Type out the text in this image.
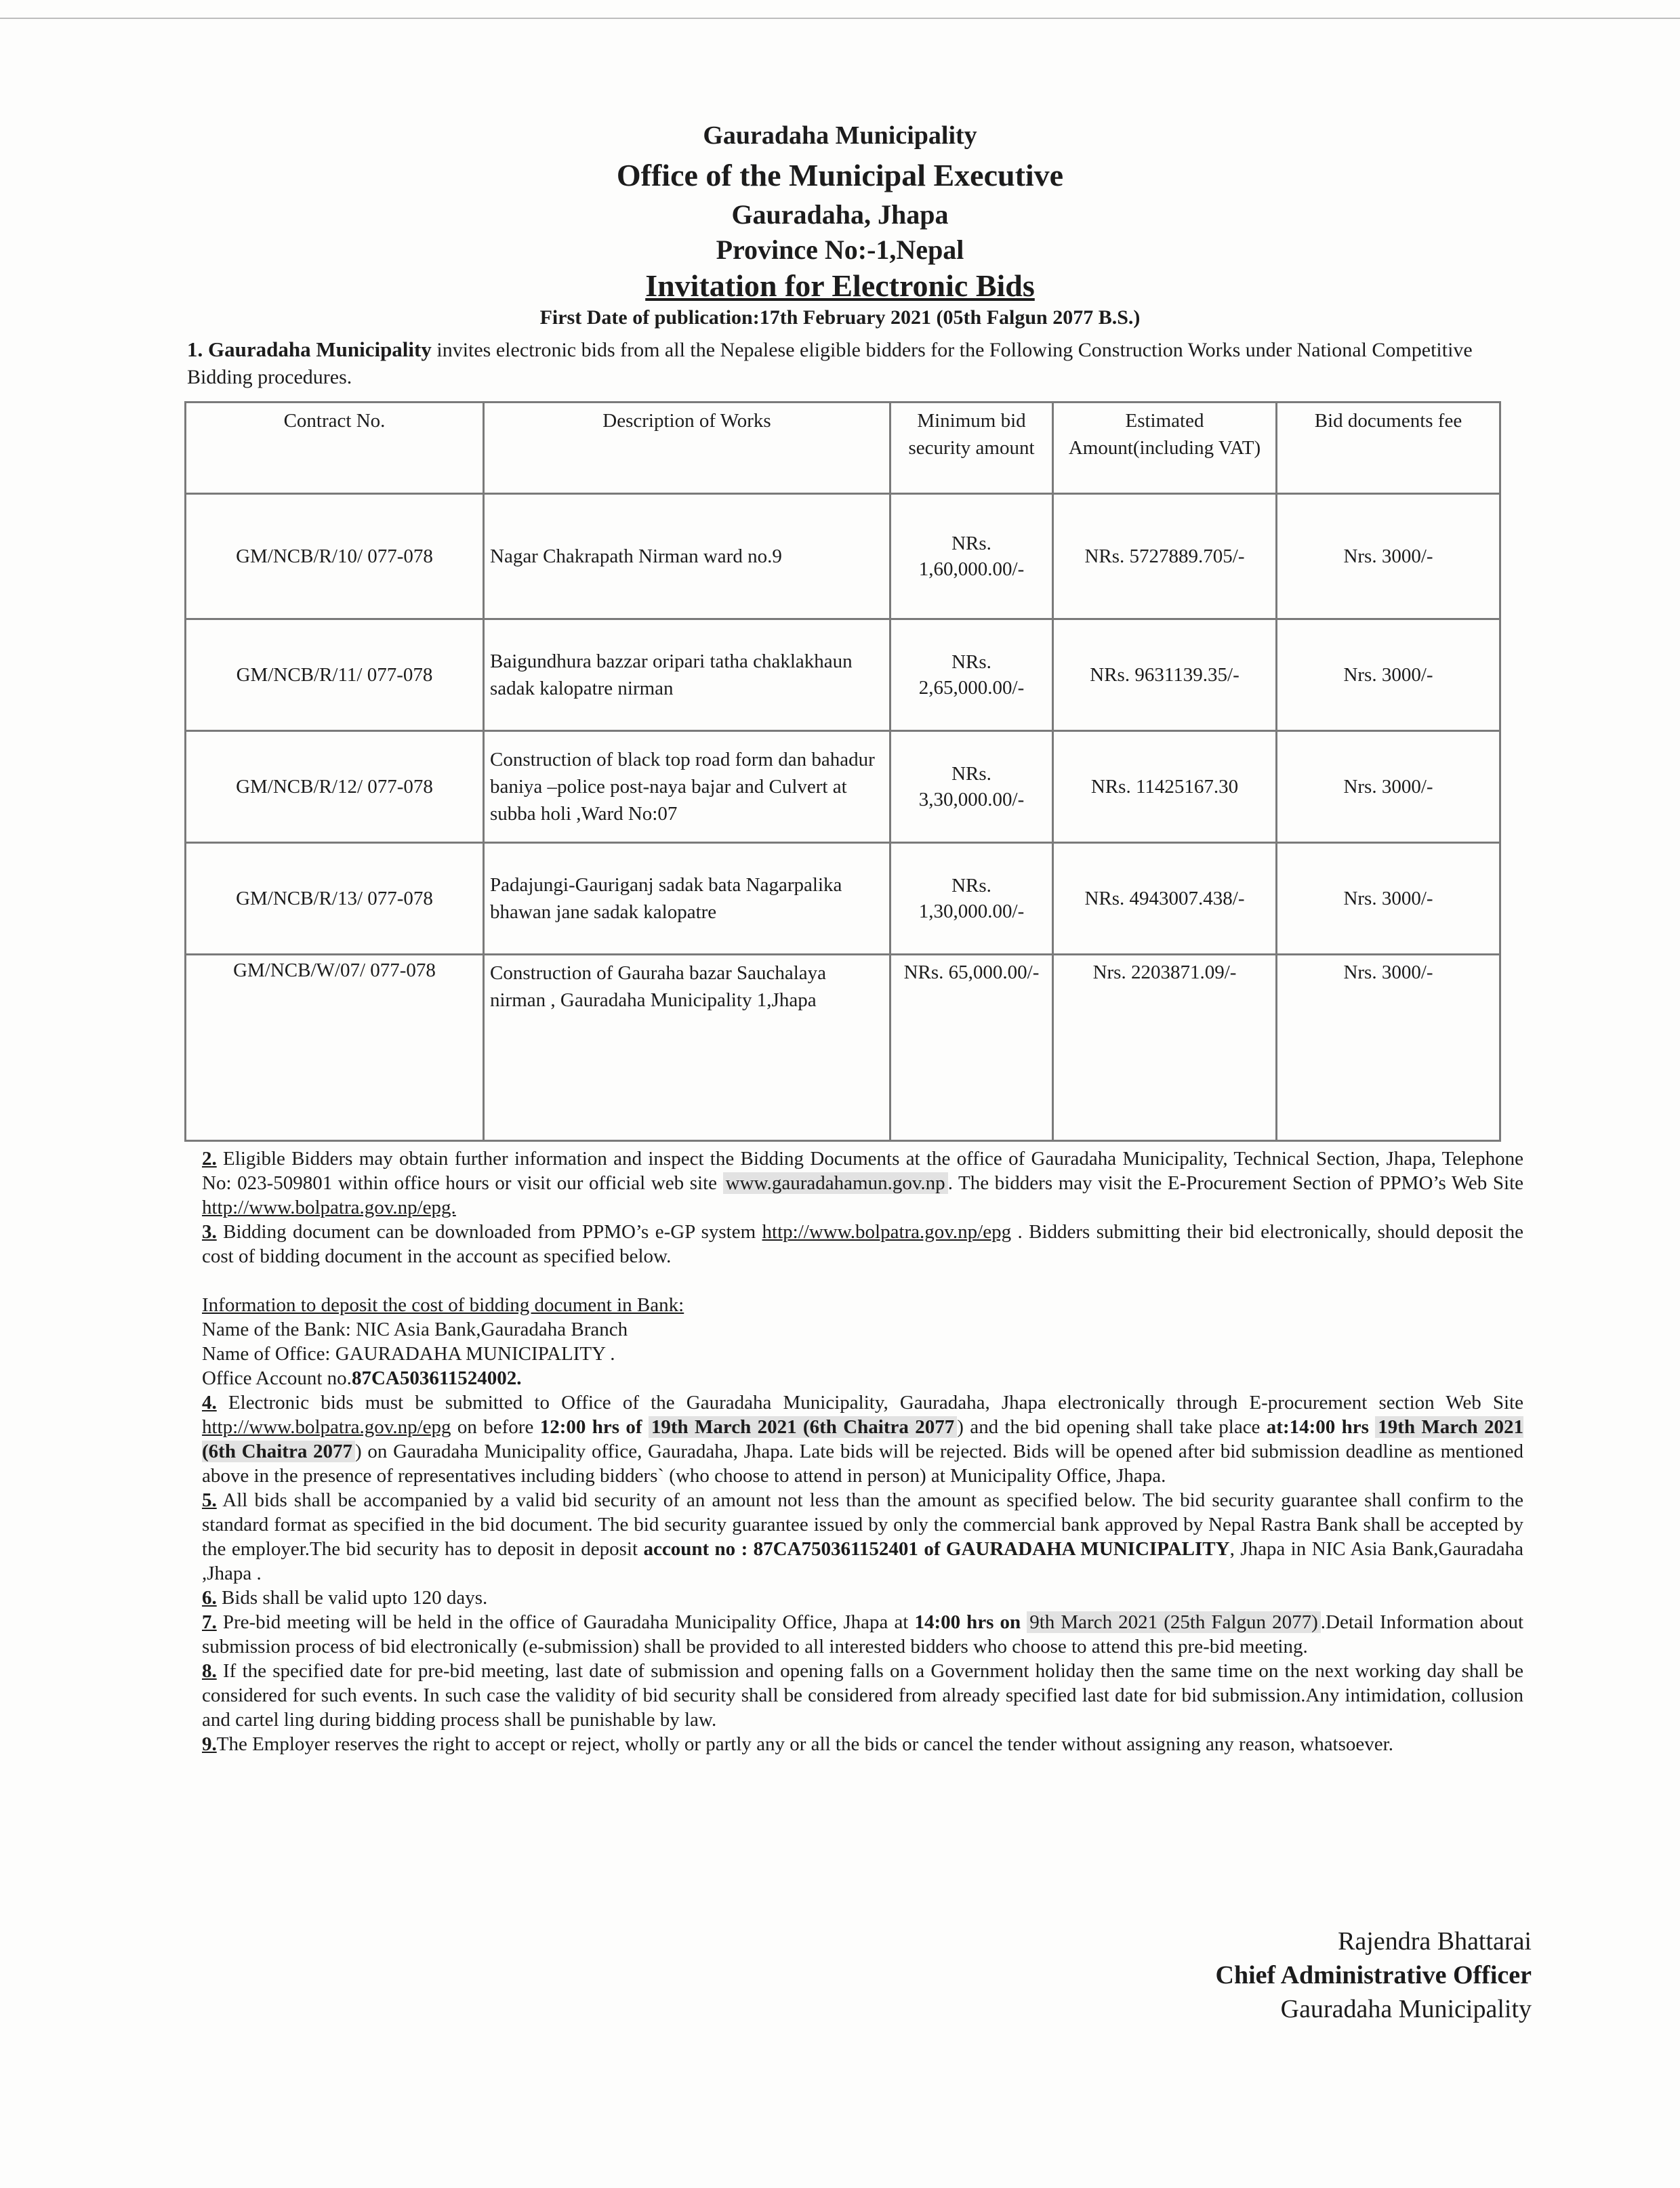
Gauradaha Municipality
Office of the Municipal Executive
Gauradaha, Jhapa
Province No:-1,Nepal
Invitation for Electronic Bids
First Date of publication:17th February 2021 (05th Falgun 2077 B.S.)
1. Gauradaha Municipality invites electronic bids from all the Nepalese eligible bidders for the Following Construction Works under National Competitive Bidding procedures.
Contract No.	Description of Works	Minimum bid security amount	Estimated Amount(including VAT)	Bid documents fee
GM/NCB/R/10/ 077-078	Nagar Chakrapath Nirman ward no.9	NRs. 1,60,000.00/-	NRs. 5727889.705/-	Nrs. 3000/-
GM/NCB/R/11/ 077-078	Baigundhura bazzar oripari tatha chaklakhaun sadak kalopatre nirman	NRs. 2,65,000.00/-	NRs. 9631139.35/-	Nrs. 3000/-
GM/NCB/R/12/ 077-078	Construction of black top road form dan bahadur baniya –police post-naya bajar and Culvert at subba holi ,Ward No:07	NRs. 3,30,000.00/-	NRs. 11425167.30	Nrs. 3000/-
GM/NCB/R/13/ 077-078	Padajungi-Gauriganj sadak bata Nagarpalika bhawan jane sadak kalopatre	NRs. 1,30,000.00/-	NRs. 4943007.438/-	Nrs. 3000/-
GM/NCB/W/07/ 077-078	Construction of Gauraha bazar Sauchalaya nirman , Gauradaha Municipality 1,Jhapa	NRs. 65,000.00/-	Nrs. 2203871.09/-	Nrs. 3000/-

2. Eligible Bidders may obtain further information and inspect the Bidding Documents at the office of Gauradaha Municipality, Technical Section, Jhapa, Telephone No: 023-509801 within office hours or visit our official web site www.gauradahamun.gov.np . The bidders may visit the E-Procurement Section of PPMO’s Web Site http://www.bolpatra.gov.np/epg.

3. Bidding document can be downloaded from PPMO’s e-GP system http://www.bolpatra.gov.np/epg . Bidders submitting their bid electronically, should deposit the cost of bidding document in the account as specified below.

Information to deposit the cost of bidding document in Bank:

Name of the Bank: NIC Asia Bank,Gauradaha Branch

Name of Office: GAURADAHA MUNICIPALITY .

Office Account no.87CA503611524002.

4. Electronic bids must be submitted to Office of the Gauradaha Municipality, Gauradaha, Jhapa electronically through E-procurement section Web Site http://www.bolpatra.gov.np/epg on before 12:00 hrs of 19th March 2021 (6th Chaitra 2077 ) and the bid opening shall take place at:14:00 hrs 19th March 2021 (6th Chaitra 2077 ) on Gauradaha Municipality office, Gauradaha, Jhapa. Late bids will be rejected. Bids will be opened after bid submission deadline as mentioned above in the presence of representatives including bidders` (who choose to attend in person) at Municipality Office, Jhapa.

5. All bids shall be accompanied by a valid bid security of an amount not less than the amount as specified below. The bid security guarantee shall confirm to the standard format as specified in the bid document. The bid security guarantee issued by only the commercial bank approved by Nepal Rastra Bank shall be accepted by the employer.The bid security has to deposit in deposit account no : 87CA750361152401 of GAURADAHA MUNICIPALITY, Jhapa in NIC Asia Bank,Gauradaha ,Jhapa .

6. Bids shall be valid upto 120 days.

7. Pre-bid meeting will be held in the office of Gauradaha Municipality Office, Jhapa at 14:00 hrs on 9th March 2021 (25th Falgun 2077) .Detail Information about submission process of bid electronically (e-submission) shall be provided to all interested bidders who choose to attend this pre-bid meeting.

8. If the specified date for pre-bid meeting, last date of submission and opening falls on a Government holiday then the same time on the next working day shall be considered for such events. In such case the validity of bid security shall be considered from already specified last date for bid submission.Any intimidation, collusion and cartel ling during bidding process shall be punishable by law.

9.The Employer reserves the right to accept or reject, wholly or partly any or all the bids or cancel the tender without assigning any reason, whatsoever.

Rajendra Bhattarai
Chief Administrative Officer
Gauradaha Municipality
